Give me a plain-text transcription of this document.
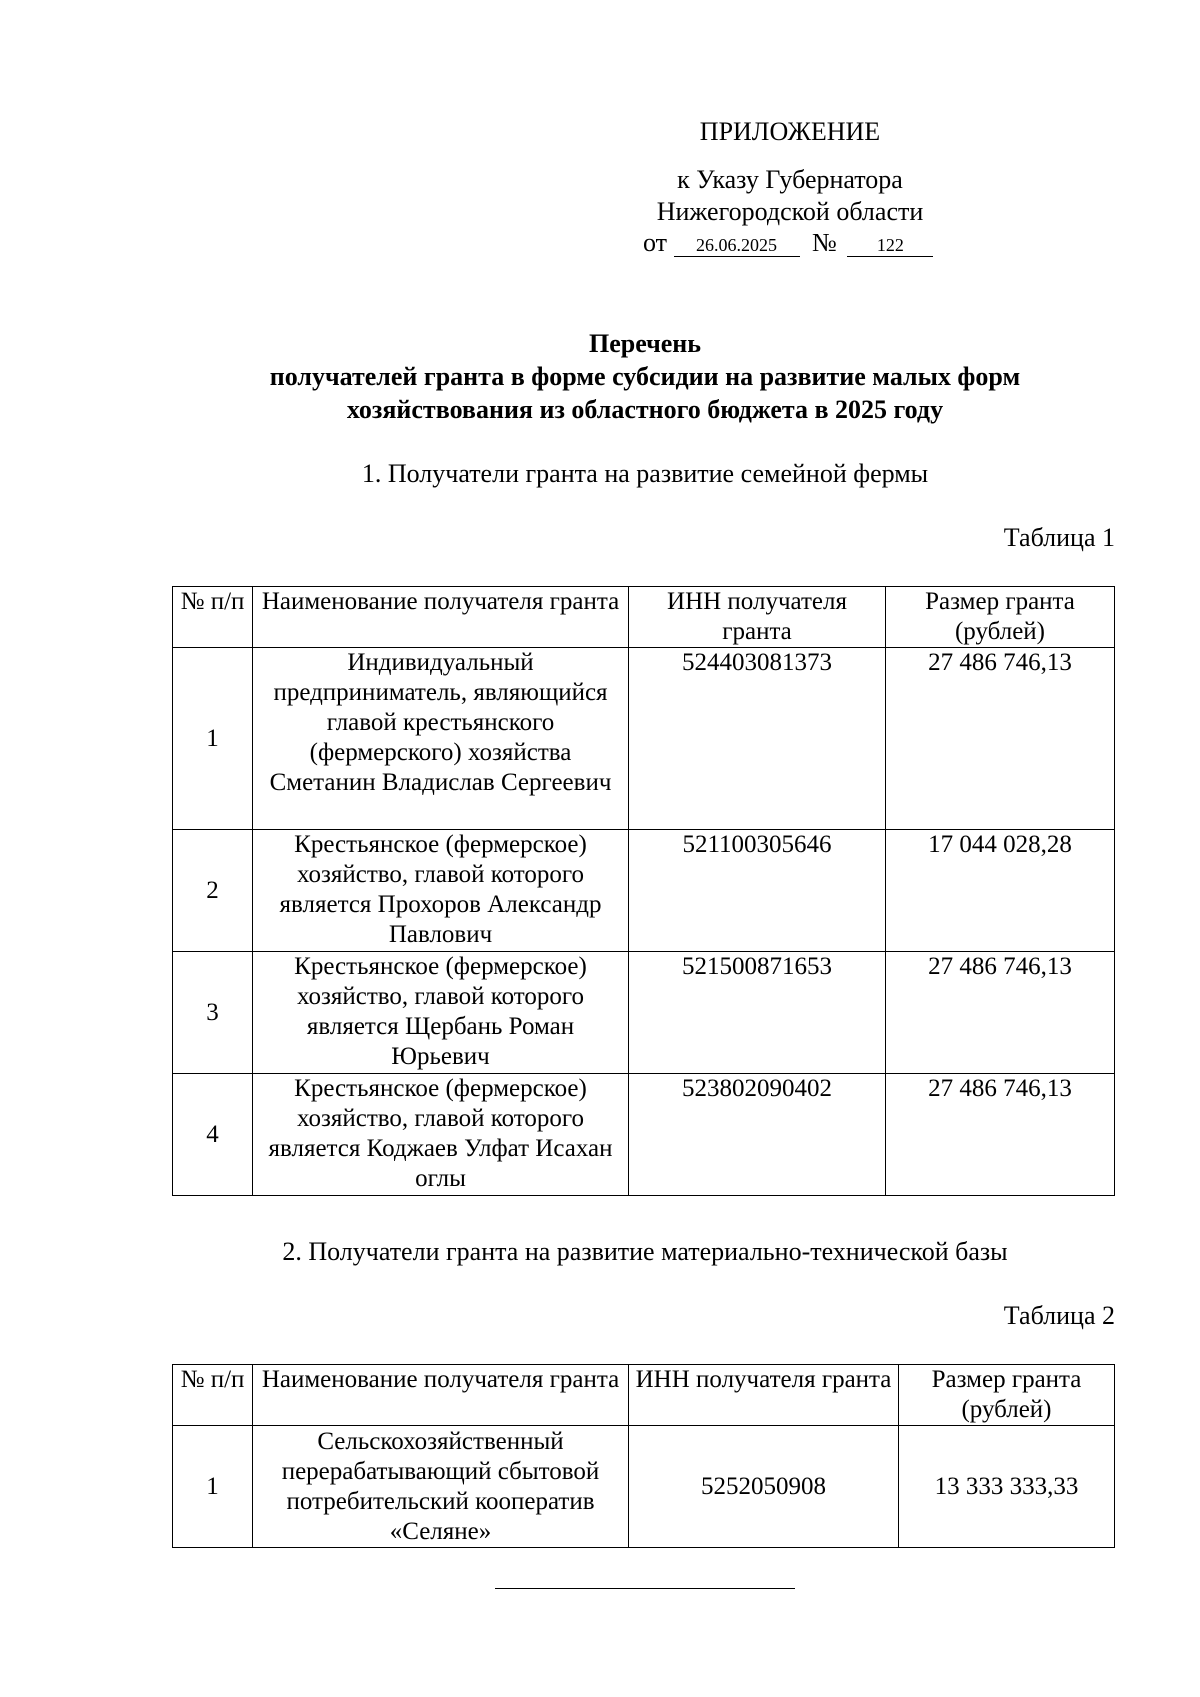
ПРИЛОЖЕНИЕ
к Указу Губернатора
Нижегородской области
от 26.06.2025 № 122
Перечень
получателей гранта в форме субсидии на развитие малых форм
хозяйствования из областного бюджета в 2025 году
1. Получатели гранта на развитие семейной фермы
Таблица 1
№ п/п	Наименование получателя гранта	ИНН получателя гранта	Размер гранта (рублей)
1	Индивидуальный предприниматель, являющийся главой крестьянского (фермерского) хозяйства Сметанин Владислав Сергеевич	524403081373	27 486 746,13
2	Крестьянское (фермерское) хозяйство, главой которого является Прохоров Александр Павлович	521100305646	17 044 028,28
3	Крестьянское (фермерское) хозяйство, главой которого является Щербань Роман Юрьевич	521500871653	27 486 746,13
4	Крестьянское (фермерское) хозяйство, главой которого является Коджаев Улфат Исахан оглы	523802090402	27 486 746,13
2. Получатели гранта на развитие материально-технической базы
Таблица 2
№ п/п	Наименование получателя гранта	ИНН получателя гранта	Размер гранта (рублей)
1	Сельскохозяйственный перерабатывающий сбытовой потребительский кооператив «Селяне»	5252050908	13 333 333,33
